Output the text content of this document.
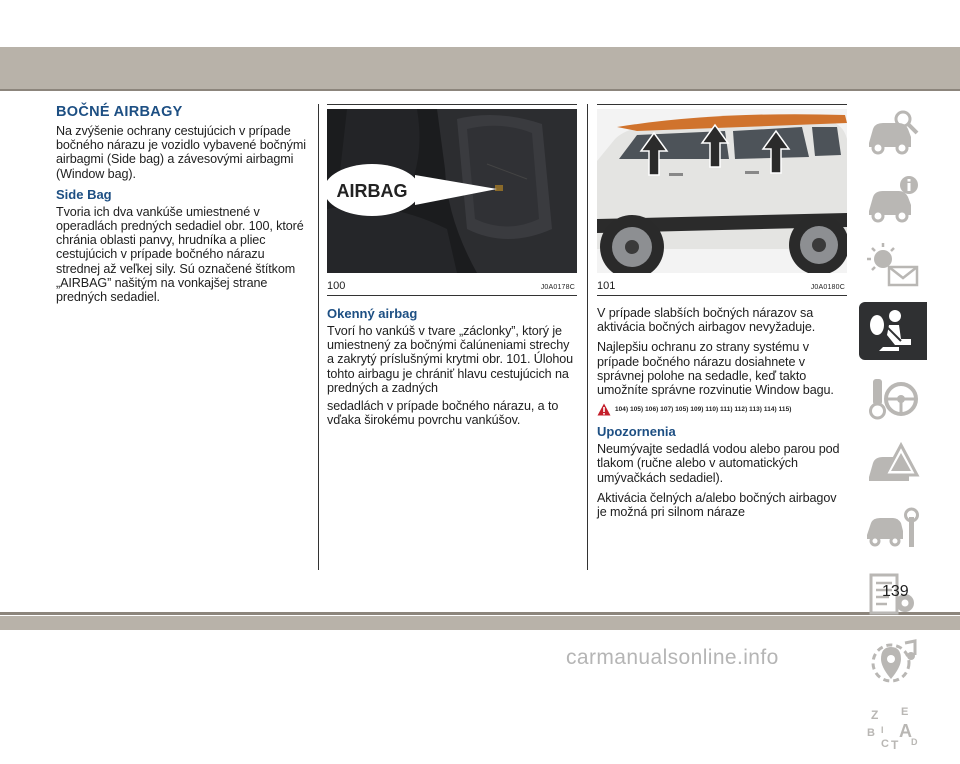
BOČNÉ AIRBAGY

Na zvýšenie ochrany cestujúcich v prípade bočného nárazu je vozidlo vybavené bočnými airbagmi (Side bag) a závesovými airbagmi (Window bag).

Side Bag

Tvoria ich dva vankúše umiestnené v operadlách predných sedadiel obr. 100, ktoré chránia oblasti panvy, hrudníka a pliec cestujúcich v prípade bočného nárazu strednej až veľkej sily. Sú označené štítkom „AIRBAG” našitým na vonkajšej strane predných sedadiel.

AIRBAG
100	J0A0178C
Okenný airbag

Tvorí ho vankúš v tvare „záclonky”, ktorý je umiestnený za bočnými čalúneniami strechy a zakrytý príslušnými krytmi obr. 101. Úlohou tohto airbagu je chrániť hlavu cestujúcich na predných a zadných

sedadlách v prípade bočného nárazu, a to vďaka širokému povrchu vankúšov.

101	J0A0180C

V prípade slabších bočných nárazov sa aktivácia bočných airbagov nevyžaduje.

Najlepšiu ochranu zo strany systému v prípade bočného nárazu dosiahnete v správnej polohe na sedadle, keď takto umožníte správne rozvinutie Window bagu.

104) 105) 106) 107) 105) 109) 110) 111) 112) 113) 114) 115)
Upozornenia

Neumývajte sedadlá vodou alebo parou pod tlakom (ručne alebo v automatických umývačkách sedadiel).

Aktivácia čelných a/alebo bočných airbagov je možná pri silnom náraze

Z E
B A
C D
T
I
139
carmanualsonline.info
